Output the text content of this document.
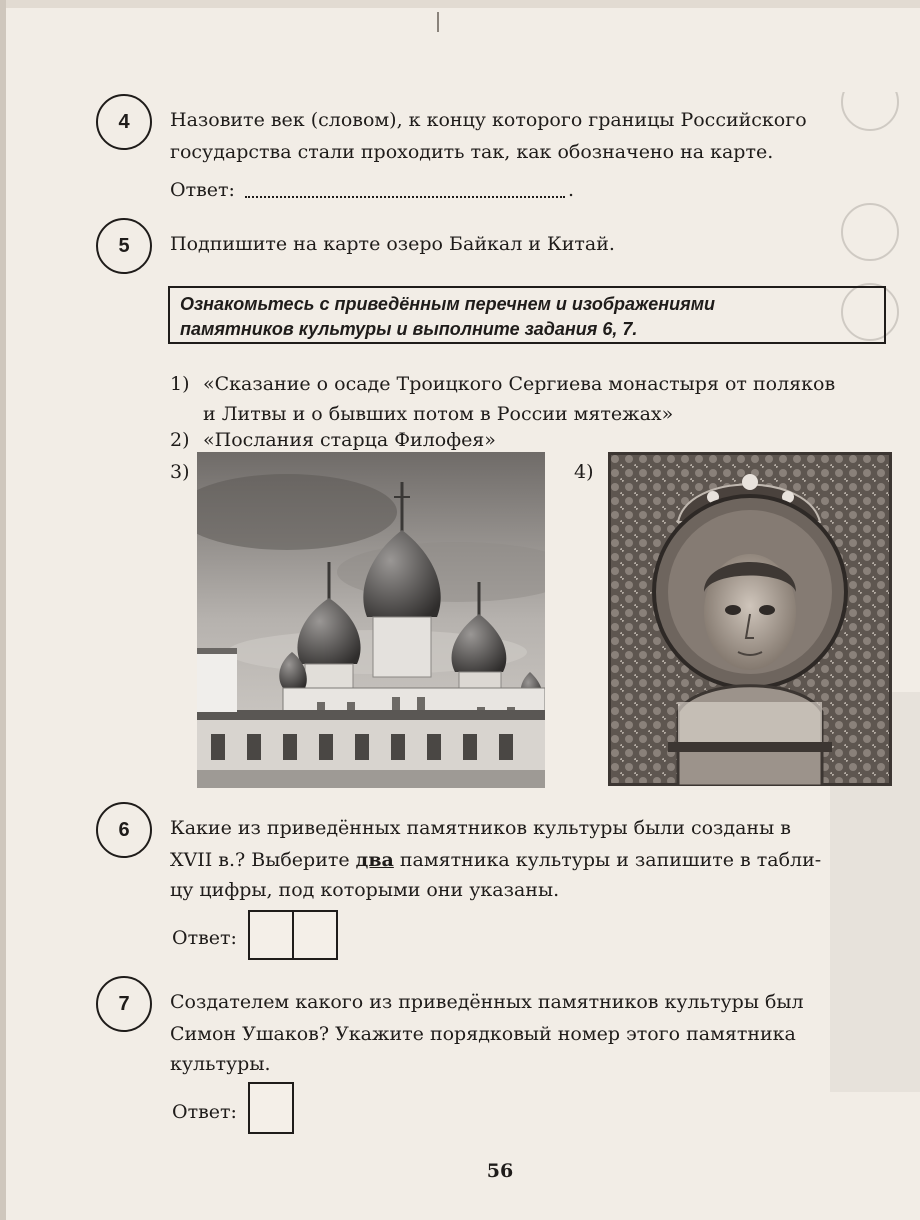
4	Назовите век (словом), к концу которого границы Российского
государства стали проходить так, как обозначено на карте.
Ответ:	.
5	Подпишите на карте озеро Байкал и Китай.
Ознакомьтесь с приведённым перечнем и изображениями
памятников культуры и выполните задания 6, 7.
1) «Сказание о осаде Троицкого Сергиева монастыря от поляков
и Литвы и о бывших потом в России мятежах»
2) «Послания старца Филофея»
3)	4)
6	Какие из приведённых памятников культуры были созданы в
XVII в.? Выберите два памятника культуры и запишите в табли-
цу цифры, под которыми они указаны.
Ответ:
7	Создателем какого из приведённых памятников культуры был
Симон Ушаков? Укажите порядковый номер этого памятника
культуры.
Ответ:
56
